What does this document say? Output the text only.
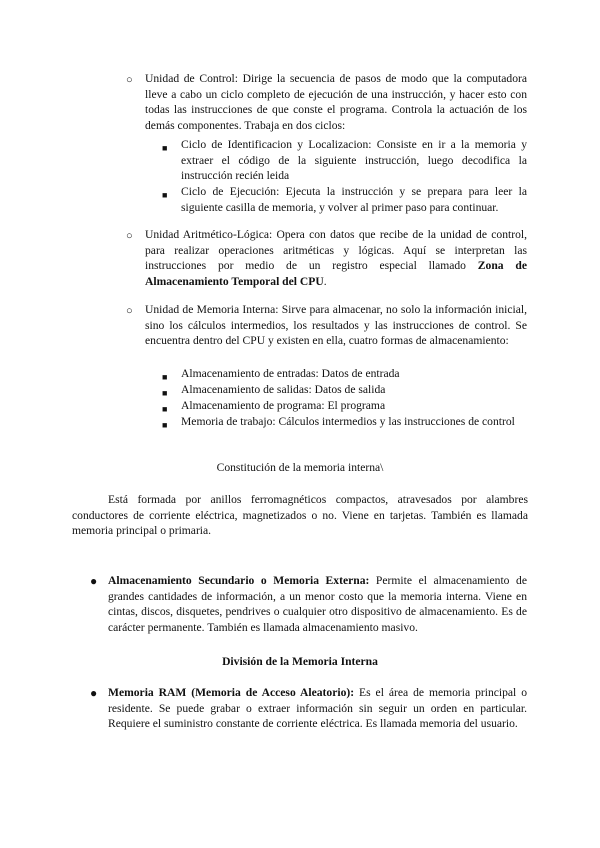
○ Unidad de Control: Dirige la secuencia de pasos de modo que la computadora lleve a cabo un ciclo completo de ejecución de una instrucción, y hacer esto con todas las instrucciones de que conste el programa. Controla la actuación de los demás componentes. Trabaja en dos ciclos:

■ Ciclo de Identificacion y Localizacion: Consiste en ir a la memoria y extraer el código de la siguiente instrucción, luego decodifica la instrucción recién leida

■ Ciclo de Ejecución: Ejecuta la instrucción y se prepara para leer la siguiente casilla de memoria, y volver al primer paso para continuar.

○ Unidad Aritmético-Lógica: Opera con datos que recibe de la unidad de control, para realizar operaciones aritméticas y lógicas. Aquí se interpretan las instrucciones por medio de un registro especial llamado Zona de Almacenamiento Temporal del CPU.

○ Unidad de Memoria Interna: Sirve para almacenar, no solo la información inicial, sino los cálculos intermedios, los resultados y las instrucciones de control. Se encuentra dentro del CPU y existen en ella, cuatro formas de almacenamiento:

■ Almacenamiento de entradas: Datos de entrada

■ Almacenamiento de salidas: Datos de salida

■ Almacenamiento de programa: El programa

■ Memoria de trabajo: Cálculos intermedios y las instrucciones de control

Constitución de la memoria interna\

Está formada por anillos ferromagnéticos compactos, atravesados por alambres conductores de corriente eléctrica, magnetizados o no. Viene en tarjetas. También es llamada memoria principal o primaria.

● Almacenamiento Secundario o Memoria Externa: Permite el almacenamiento de grandes cantidades de información, a un menor costo que la memoria interna. Viene en cintas, discos, disquetes, pendrives o cualquier otro dispositivo de almacenamiento. Es de carácter permanente. También es llamada almacenamiento masivo.

División de la Memoria Interna

● Memoria RAM (Memoria de Acceso Aleatorio): Es el área de memoria principal o residente. Se puede grabar o extraer información sin seguir un orden en particular. Requiere el suministro constante de corriente eléctrica. Es llamada memoria del usuario.
